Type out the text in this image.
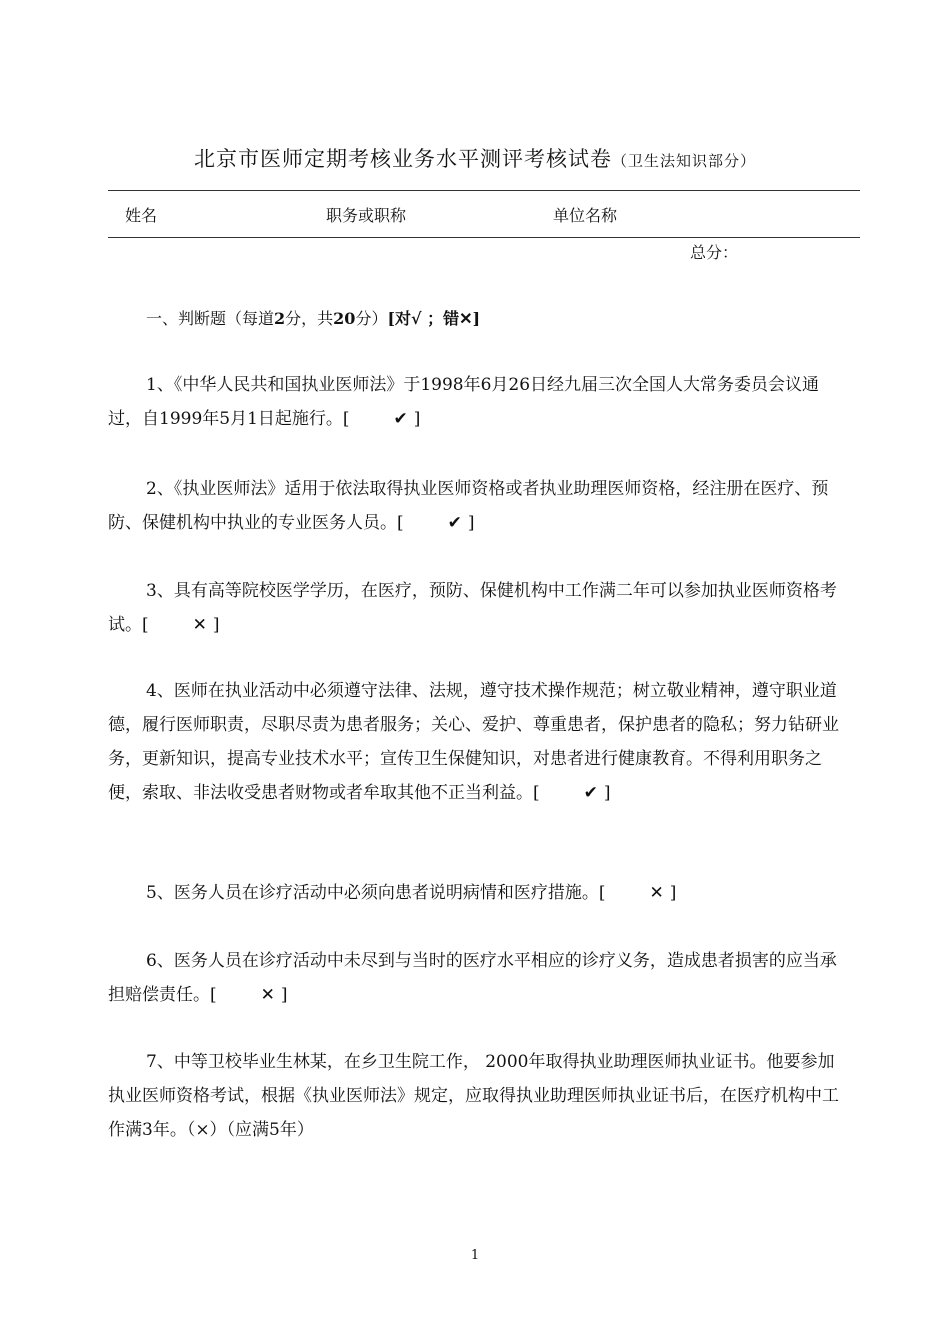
北京市医师定期考核业务水平测评考核试卷（卫生法知识部分）
姓名	职务或职称	单位名称
总分：
一、判断题（每道2分，共20分）[对√ ；错✕]

1、《中华人民共和国执业医师法》于1998年6月26日经九届三次全国人大常务委员会议通过，自1999年5月1日起施行。[	✔ ]

2、《执业医师法》适用于依法取得执业医师资格或者执业助理医师资格，经注册在医疗、预防、保健机构中执业的专业医务人员。[	✔ ]

3、具有高等院校医学学历，在医疗，预防、保健机构中工作满二年可以参加执业医师资格考试。[	✕ ]

4、医师在执业活动中必须遵守法律、法规，遵守技术操作规范；树立敬业精神，遵守职业道德，履行医师职责，尽职尽责为患者服务；关心、爱护、尊重患者，保护患者的隐私；努力钻研业务，更新知识，提高专业技术水平；宣传卫生保健知识，对患者进行健康教育。不得利用职务之便，索取、非法收受患者财物或者牟取其他不正当利益。[	✔ ]

5、医务人员在诊疗活动中必须向患者说明病情和医疗措施。[	✕ ]

6、医务人员在诊疗活动中未尽到与当时的医疗水平相应的诊疗义务，造成患者损害的应当承担赔偿责任。[	✕ ]

7、中等卫校毕业生林某，在乡卫生院工作， 2000年取得执业助理医师执业证书。他要参加执业医师资格考试，根据《执业医师法》规定，应取得执业助理医师执业证书后，在医疗机构中工作满3年。（×）（应满5年）

1
